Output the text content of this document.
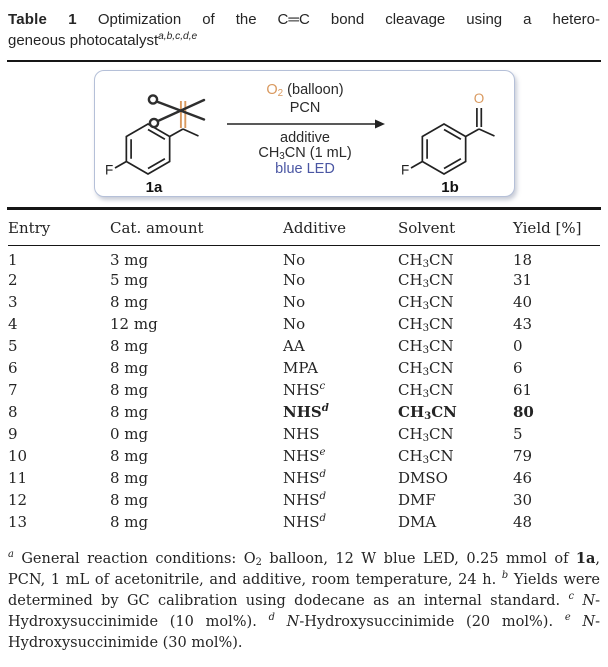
Table 1 Optimization of the C═C bond cleavage using a hetero-
geneous photocatalyst$^{a,b,c,d,e}$
F
1a
$O_2$ (balloon)
PCN
additive
$CH_3CN$ (1 mL)
blue LED	F
O
1b
Entry	Cat. amount	Additive	Solvent	Yield [%]
1	3 mg	No	$CH_3CN$	18
2	5 mg	No	$CH_3CN$	31
3	8 mg	No	$CH_3CN$	40
4	12 mg	No	$CH_3CN$	43
5	8 mg	AA	$CH_3CN$	0
6	8 mg	MPA	$CH_3CN$	6
7	8 mg	NHS$^c$	$CH_3CN$	61
8	8 mg	NHS$^d$	$CH_3CN$	80
9	0 mg	NHS	$CH_3CN$	5
10	8 mg	NHS$^e$	$CH_3CN$	79
11	8 mg	NHS$^d$	DMSO	46
12	8 mg	NHS$^d$	DMF	30
13	8 mg	NHS$^d$	DMA	48
$^a$ General reaction conditions: $O_2$ balloon, 12 W blue LED, 0.25 mmol of 1a, PCN, 1 mL of acetonitrile, and additive, room temperature, 24 h. $^b$ Yields were determined by GC calibration using dodecane as an internal standard. $^c$ N-Hydroxysuccinimide (10 mol%). $^d$ N-Hydroxysuccinimide (20 mol%). $^e$ N-Hydroxysuccinimide (30 mol%).
